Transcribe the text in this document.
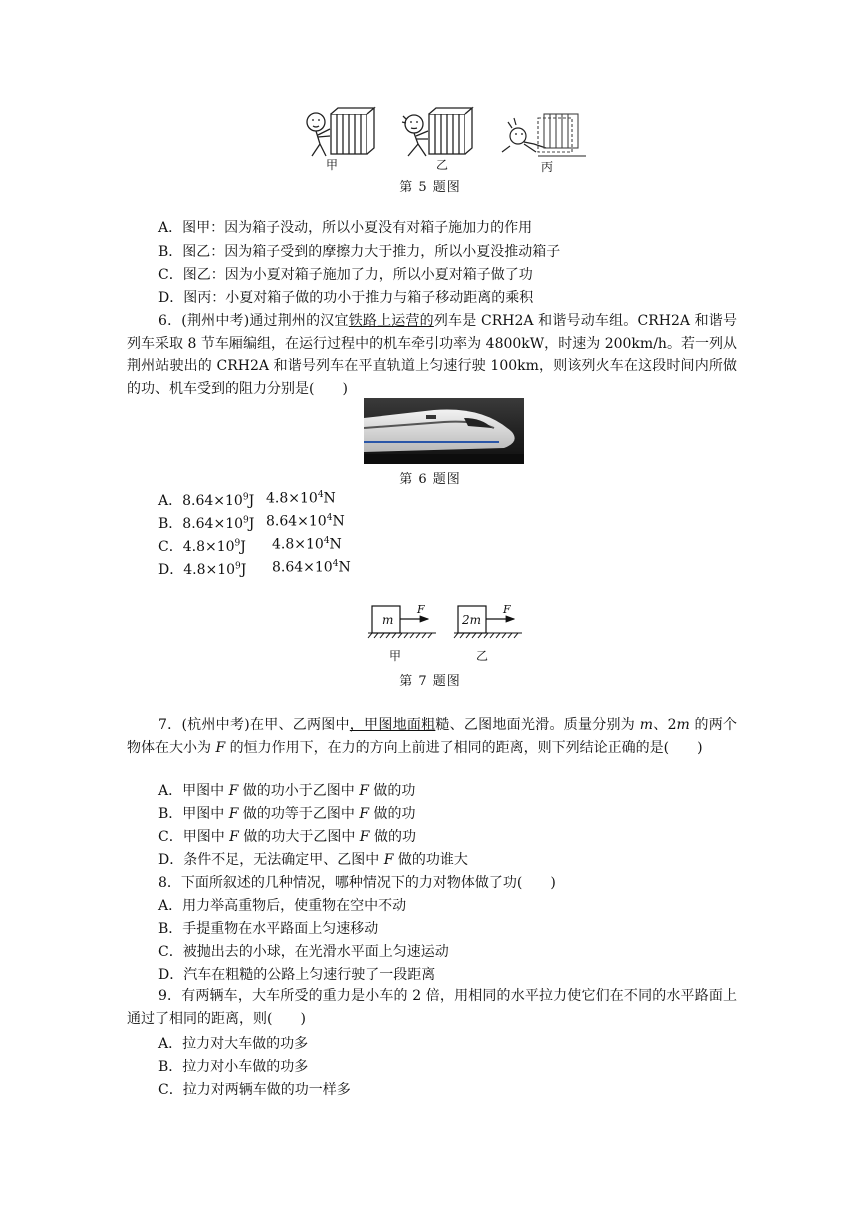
甲	乙	丙
第 5 题图
A．图甲：因为箱子没动，所以小夏没有对箱子施加力的作用
B．图乙：因为箱子受到的摩擦力大于推力，所以小夏没推动箱子
C．图乙：因为小夏对箱子施加了力，所以小夏对箱子做了功
D．图丙：小夏对箱子做的功小于推力与箱子移动距离的乘积
6．(荆州中考)通过荆州的汉宜铁路上运营的列车是 CRH2A 和谐号动车组。CRH2A 和谐号列车采取 8 节车厢编组，在运行过程中的机车牵引功率为 4800kW，时速为 200km/h。若一列从荆州站驶出的 CRH2A 和谐号列车在平直轨道上匀速行驶 100km，则该列火车在这段时间内所做的功、机车受到的阻力分别是(　　)
第 6 题图
A．$8.64\times 10^9J$ $4.8\times 10^4N$
B．$8.64\times 10^9J$ $8.64\times 10^4N$
C．$4.8\times 10^9J$ $4.8\times 10^4N$
D．$4.8\times 10^9J$ $8.64\times 10^4N$
m	2m
F	F
甲	乙
第 7 题图
7．(杭州中考)在甲、乙两图中，甲图地面粗糙、乙图地面光滑。质量分别为 m、2m 的两个物体在大小为 F 的恒力作用下，在力的方向上前进了相同的距离，则下列结论正确的是(　　)
A．甲图中 F 做的功小于乙图中 F 做的功
B．甲图中 F 做的功等于乙图中 F 做的功
C．甲图中 F 做的功大于乙图中 F 做的功
D．条件不足，无法确定甲、乙图中 F 做的功谁大
8．下面所叙述的几种情况，哪种情况下的力对物体做了功(　　)
A．用力举高重物后，使重物在空中不动
B．手提重物在水平路面上匀速移动
C．被抛出去的小球，在光滑水平面上匀速运动
D．汽车在粗糙的公路上匀速行驶了一段距离
9．有两辆车，大车所受的重力是小车的 2 倍，用相同的水平拉力使它们在不同的水平路面上通过了相同的距离，则(　　)
A．拉力对大车做的功多
B．拉力对小车做的功多
C．拉力对两辆车做的功一样多
